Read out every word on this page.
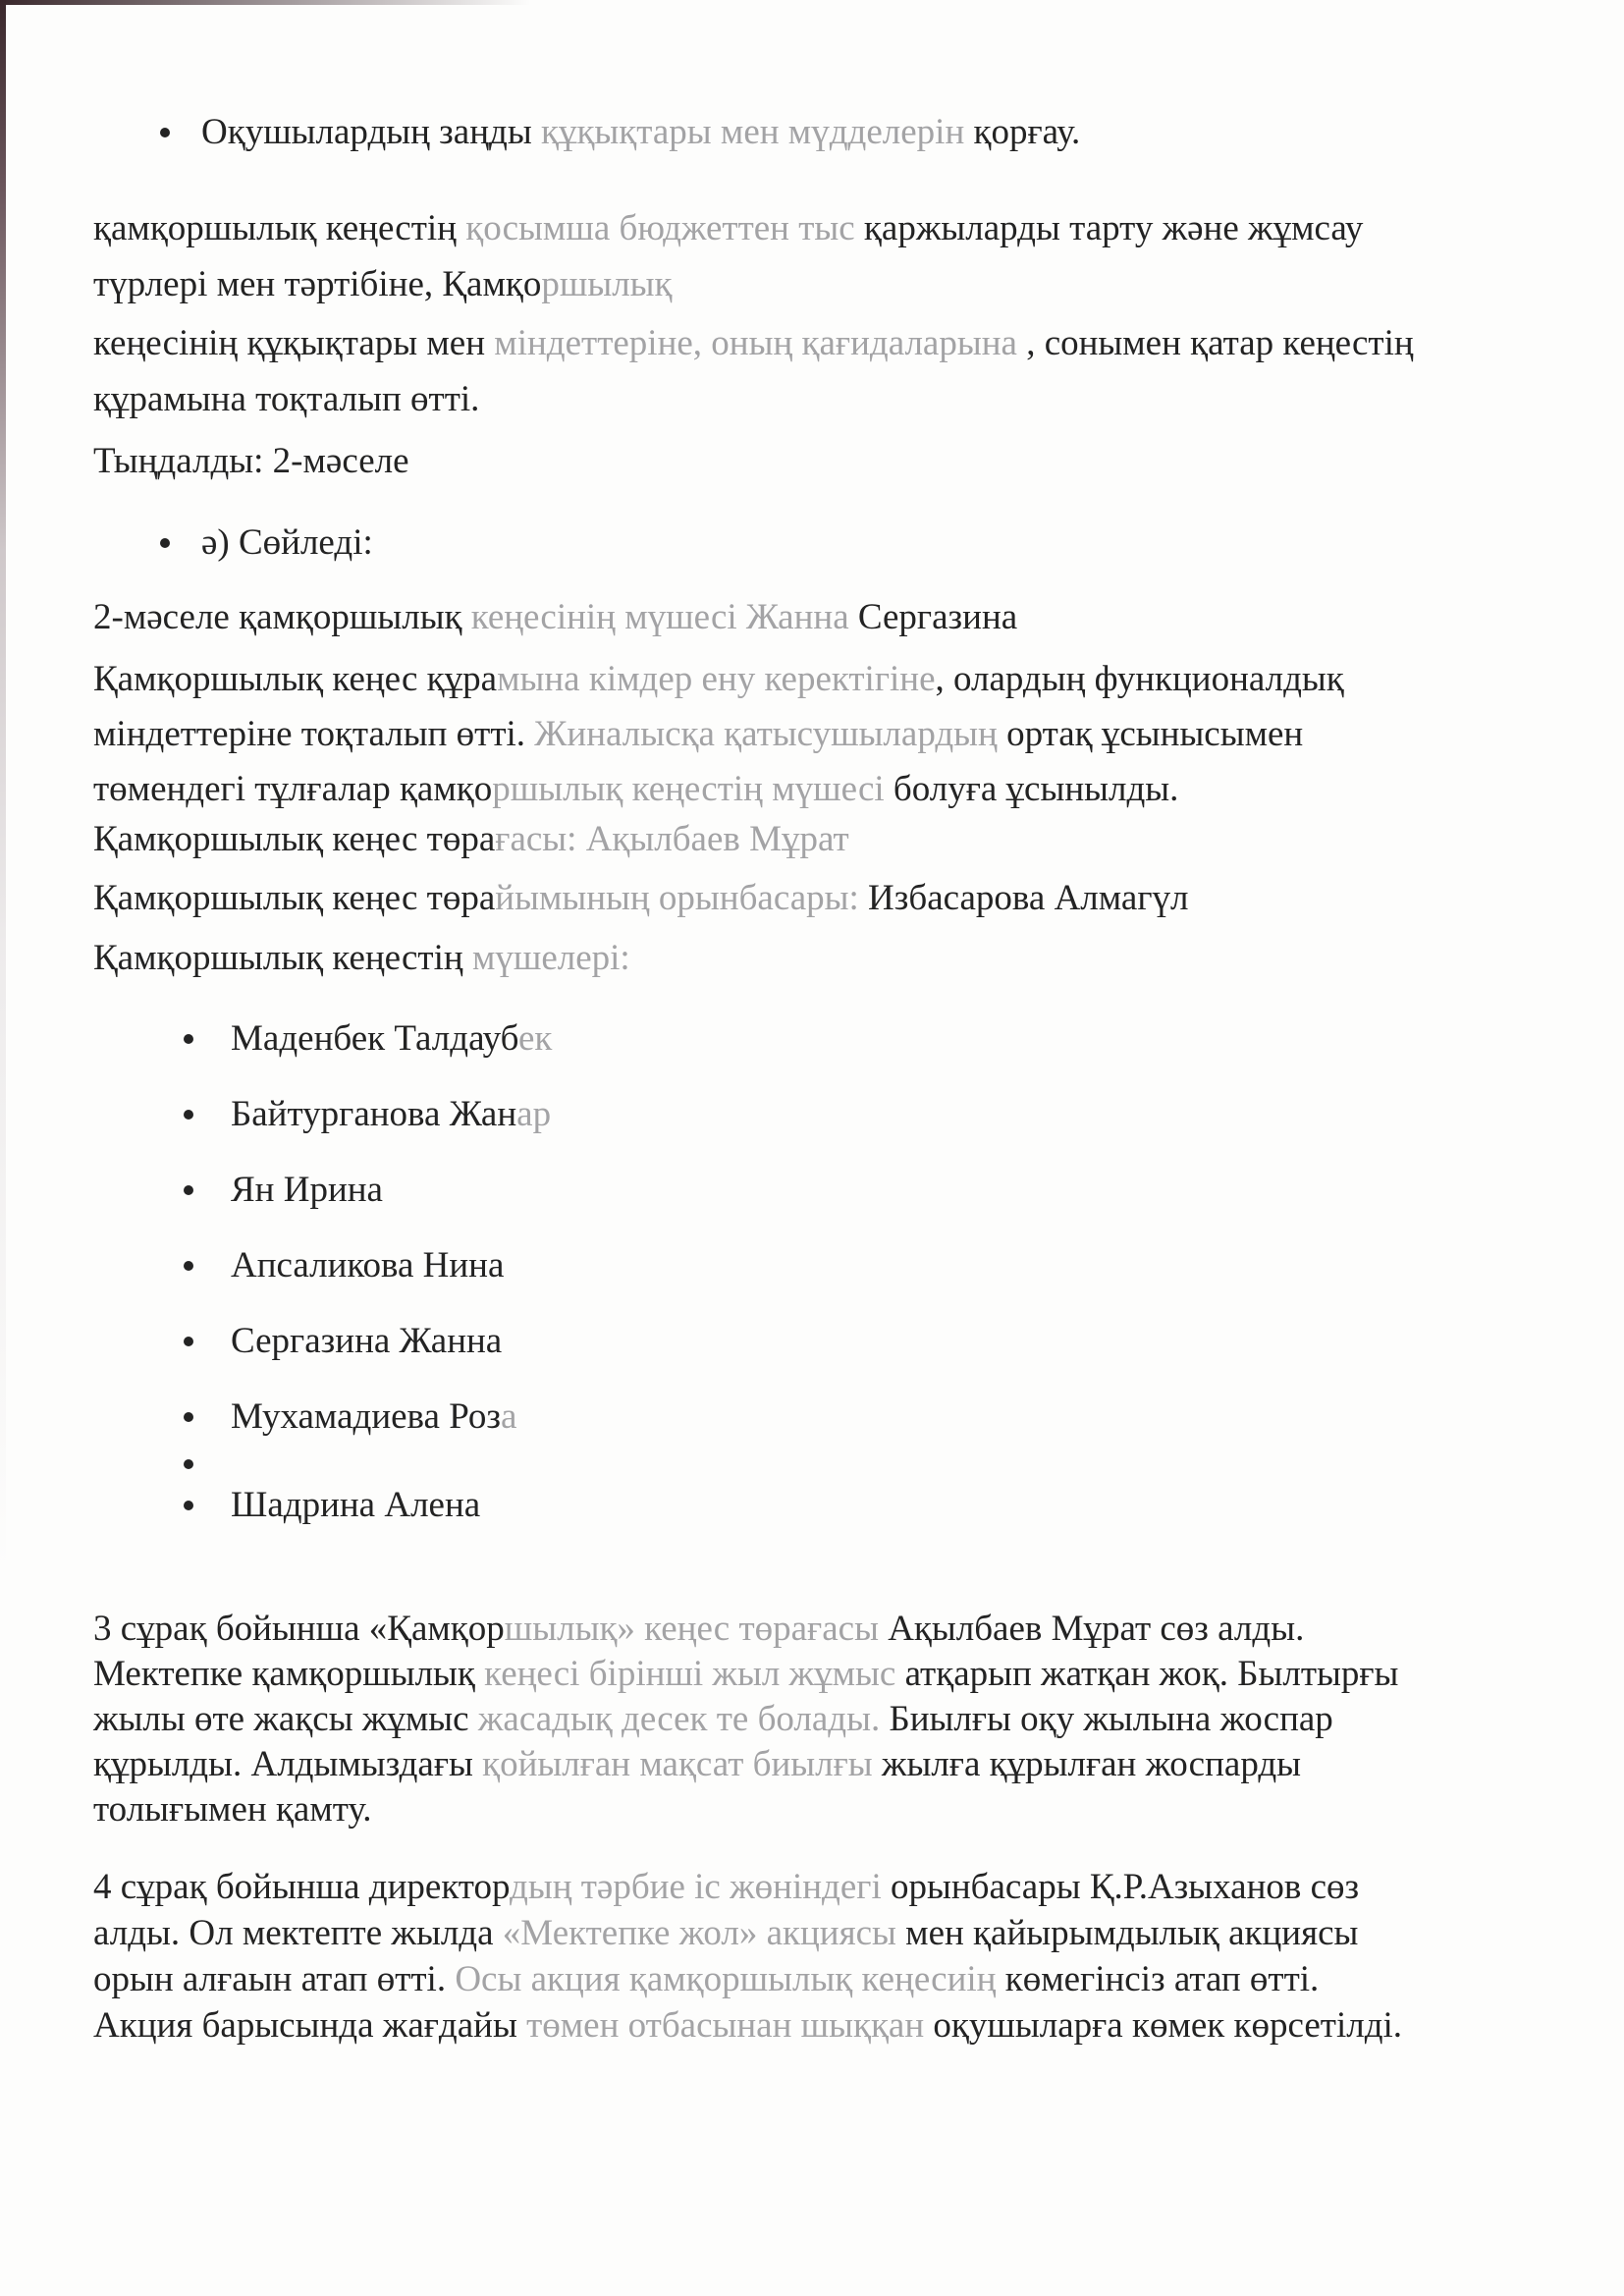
Оқушылардың заңды құқықтары мен мүдделерін қорғау.
қамқоршылық кеңестің қосымша бюджеттен тыс қаржыларды тарту және жұмсау
түрлері мен тәртібіне, Қамқоршылық
кеңесінің құқықтары мен міндеттеріне, оның қағидаларына , сонымен қатар кеңестің
құрамына тоқталып өтті.
Тыңдалды: 2-мәселе
ә) Сөйледі:
2-мәселе қамқоршылық кеңесінің мүшесі Жанна Сергазина
Қамқоршылық кеңес құрамына кімдер ену керектігіне, олардың функционалдық
міндеттеріне тоқталып өтті. Жиналысқа қатысушылардың ортақ ұсынысымен
төмендегі тұлғалар қамқоршылық кеңестің мүшесі болуға ұсынылды.
Қамқоршылық кеңес төрағасы: Ақылбаев Мұрат
Қамқоршылық кеңес төрайымының орынбасары: Избасарова Алмагүл
Қамқоршылық кеңестің мүшелері:
Маденбек Талдаубек
Байтурганова Жанар
Ян Ирина
Апсаликова Нина
Сергазина Жанна
Мухамадиева Роза
Шадрина Алена
3 сұрақ бойынша «Қамқоршылық» кеңес төрағасы Ақылбаев Мұрат сөз алды.
Мектепке қамқоршылық кеңесі бірінші жыл жұмыс атқарып жатқан жоқ. Былтырғы
жылы өте жақсы жұмыс жасадық десек те болады. Биылғы оқу жылына жоспар
құрылды. Алдымыздағы қойылған мақсат биылғы жылға құрылған жоспарды
толығымен қамту.
4 сұрақ бойынша директордың тәрбие іс жөніндегі орынбасары Қ.Р.Азыханов сөз
алды. Ол мектепте жылда «Мектепке жол» акциясы мен қайырымдылық акциясы
орын алғаын атап өтті. Осы акция қамқоршылық кеңесиің көмегінсіз атап өтті.
Акция барысында жағдайы төмен отбасынан шыққан оқушыларға көмек көрсетілді.
